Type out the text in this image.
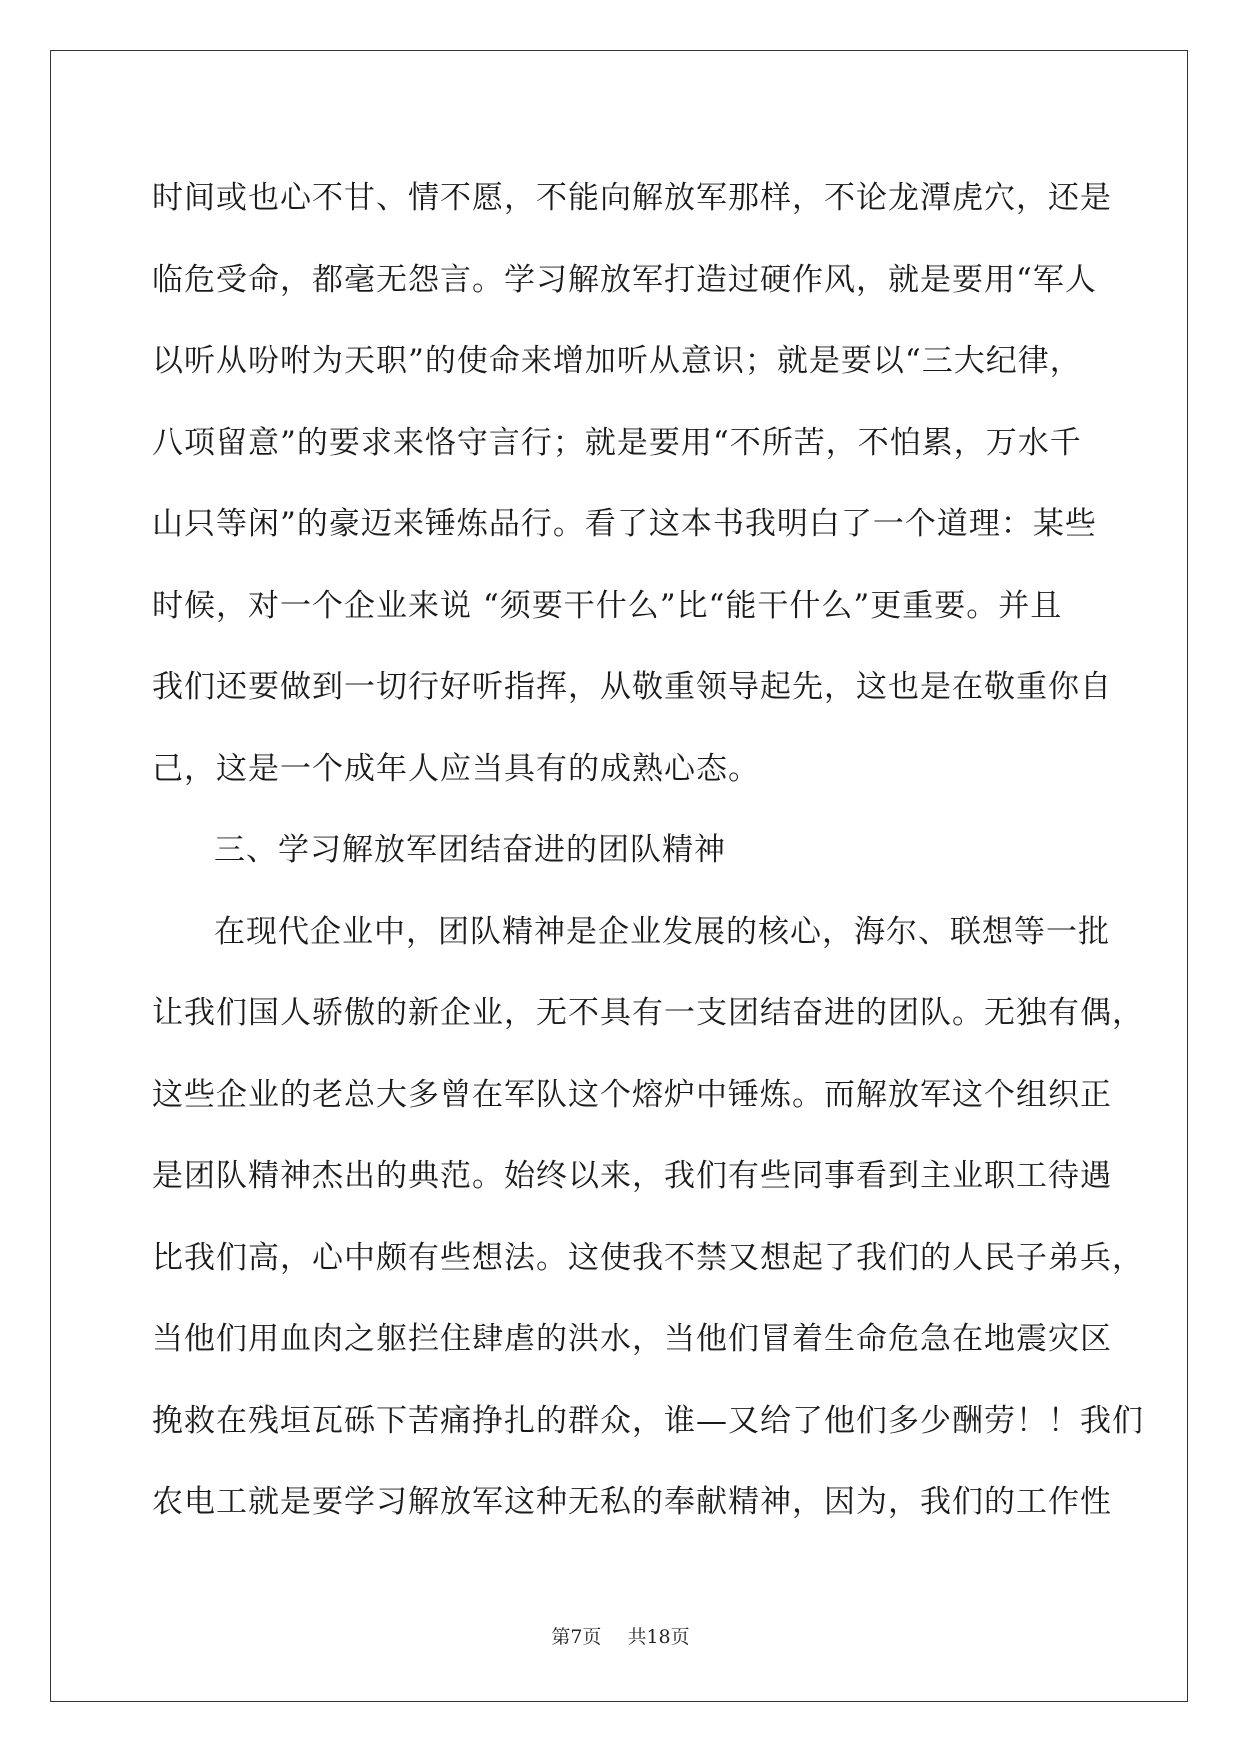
时间或也心不甘、情不愿，不能向解放军那样，不论龙潭虎穴，还是
临危受命，都毫无怨言。学习解放军打造过硬作风，就是要用“军人
以听从吩咐为天职”的使命来增加听从意识；就是要以“三大纪律，
八项留意”的要求来恪守言行；就是要用“不所苦，不怕累，万水千
山只等闲”的豪迈来锤炼品行。看了这本书我明白了一个道理：某些
时候，对一个企业来说 “须要干什么”比“能干什么”更重要。并且
我们还要做到一切行好听指挥，从敬重领导起先，这也是在敬重你自
己，这是一个成年人应当具有的成熟心态。
三、学习解放军团结奋进的团队精神
在现代企业中，团队精神是企业发展的核心，海尔、联想等一批
让我们国人骄傲的新企业，无不具有一支团结奋进的团队。无独有偶，
这些企业的老总大多曾在军队这个熔炉中锤炼。而解放军这个组织正
是团队精神杰出的典范。始终以来，我们有些同事看到主业职工待遇
比我们高，心中颇有些想法。这使我不禁又想起了我们的人民子弟兵，
当他们用血肉之躯拦住肆虐的洪水，当他们冒着生命危急在地震灾区
挽救在残垣瓦砾下苦痛挣扎的群众，谁—又给了他们多少酬劳！！我们
农电工就是要学习解放军这种无私的奉献精神，因为，我们的工作性
第7页 共18页
